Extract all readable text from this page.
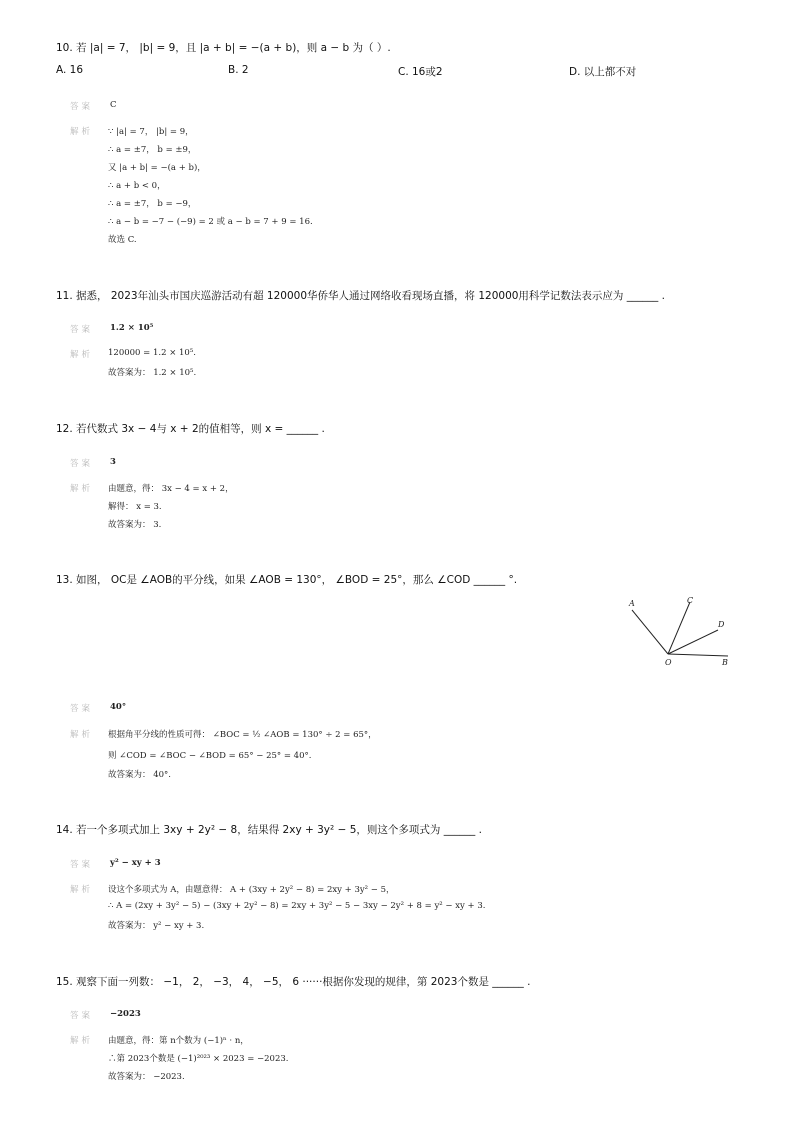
10. 若 |a| = 7， |b| = 9，且 |a + b| = −(a + b)，则 a − b 为（ ）.
A. 16	B. 2	C. 16或2	D. 以上都不对
答案 C
解析 ∵ |a| = 7， |b| = 9，
∴ a = ±7， b = ±9，
又 |a + b| = −(a + b)，
∴ a + b < 0，
∴ a = ±7， b = −9，
∴ a − b = −7 − (−9) = 2 或 a − b = 7 + 9 = 16.
故选 C.
11. 据悉， 2023年汕头市国庆巡游活动有超 120000华侨华人通过网络收看现场直播，将 120000用科学记数法表示应为 ______ .
答案 1.2 × 10⁵
解析 120000 = 1.2 × 10⁵.
故答案为： 1.2 × 10⁵.
12. 若代数式 3x − 4与 x + 2的值相等，则 x = ______ .
答案 3
解析 由题意，得： 3x − 4 = x + 2，
解得： x = 3.
故答案为： 3.
13. 如图， OC是 ∠AOB的平分线，如果 ∠AOB = 130°， ∠BOD = 25°，那么 ∠COD ______ °.
A	C
D
O	B
答案 40°
解析 根据角平分线的性质可得： ∠BOC = ½ ∠AOB = 130° ÷ 2 = 65°，
则 ∠COD = ∠BOC − ∠BOD = 65° − 25° = 40°.
故答案为： 40°.
14. 若一个多项式加上 3xy + 2y² − 8，结果得 2xy + 3y² − 5，则这个多项式为 ______ .
答案 y² − xy + 3
解析 设这个多项式为 A，由题意得： A + (3xy + 2y² − 8) = 2xy + 3y² − 5，
∴ A = (2xy + 3y² − 5) − (3xy + 2y² − 8) = 2xy + 3y² − 5 − 3xy − 2y² + 8 = y² − xy + 3.
故答案为： y² − xy + 3.
15. 观察下面一列数： −1， 2， −3， 4， −5， 6 ······根据你发现的规律，第 2023个数是 ______ .
答案 −2023
解析 由题意，得：第 n个数为 (−1)ⁿ · n，
∴第 2023个数是 (−1)²⁰²³ × 2023 = −2023.
故答案为： −2023.
